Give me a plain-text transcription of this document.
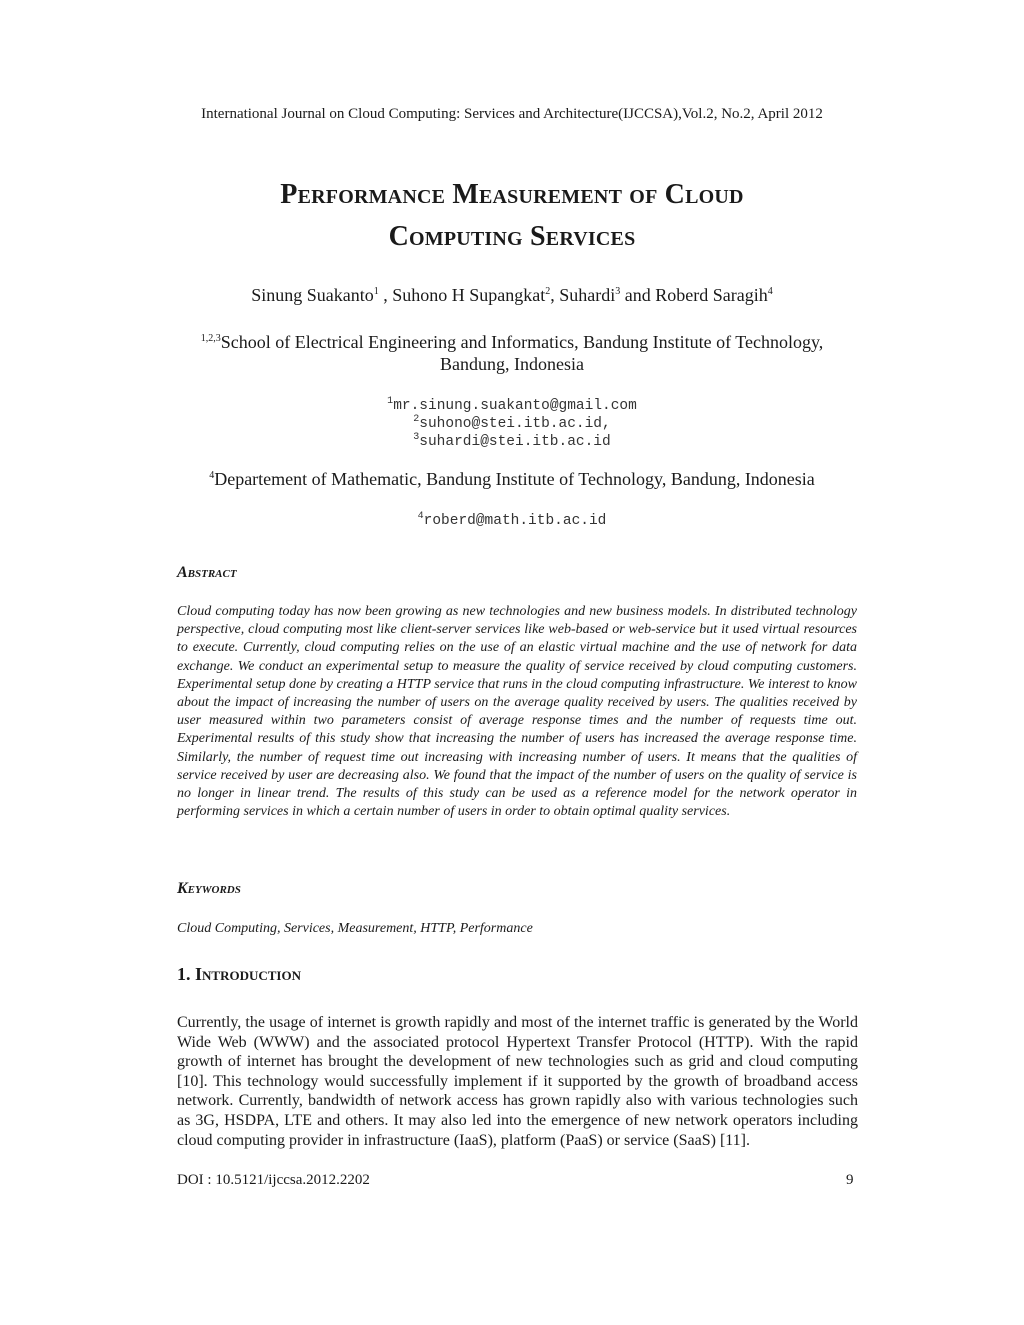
International Journal on Cloud Computing: Services and Architecture(IJCCSA),Vol.2, No.2, April 2012
Performance Measurement of Cloud
Computing Services
Sinung Suakanto$^1$ , Suhono H Supangkat$^2$, Suhardi$^3$ and Roberd Saragih$^4$
$^{1,2,3}$School of Electrical Engineering and Informatics, Bandung Institute of Technology,
Bandung, Indonesia
$^1$mr.sinung.suakanto@gmail.com
$^2$suhono@stei.itb.ac.id,
$^3$suhardi@stei.itb.ac.id
$^4$Departement of Mathematic, Bandung Institute of Technology, Bandung, Indonesia
$^4$roberd@math.itb.ac.id
Abstract
Cloud computing today has now been growing as new technologies and new business models. In distributed technology perspective, cloud computing most like client-server services like web-based or web-service but it used virtual resources to execute. Currently, cloud computing relies on the use of an elastic virtual machine and the use of network for data exchange. We conduct an experimental setup to measure the quality of service received by cloud computing customers. Experimental setup done by creating a HTTP service that runs in the cloud computing infrastructure. We interest to know about the impact of increasing the number of users on the average quality received by users. The qualities received by user measured within two parameters consist of average response times and the number of requests time out. Experimental results of this study show that increasing the number of users has increased the average response time. Similarly, the number of request time out increasing with increasing number of users. It means that the qualities of service received by user are decreasing also. We found that the impact of the number of users on the quality of service is no longer in linear trend. The results of this study can be used as a reference model for the network operator in performing services in which a certain number of users in order to obtain optimal quality services.
Keywords
Cloud Computing, Services, Measurement, HTTP, Performance
1. Introduction

Currently, the usage of internet is growth rapidly and most of the internet traffic is generated by the World Wide Web (WWW) and the associated protocol Hypertext Transfer Protocol (HTTP). With the rapid growth of internet has brought the development of new technologies such as grid and cloud computing [10]. This technology would successfully implement if it supported by the growth of broadband access network. Currently, bandwidth of network access has grown rapidly also with various technologies such as 3G, HSDPA, LTE and others. It may also led into the emergence of new network operators including cloud computing provider in infrastructure (IaaS), platform (PaaS) or service (SaaS) [11].

DOI : 10.5121/ijccsa.2012.2202	9
